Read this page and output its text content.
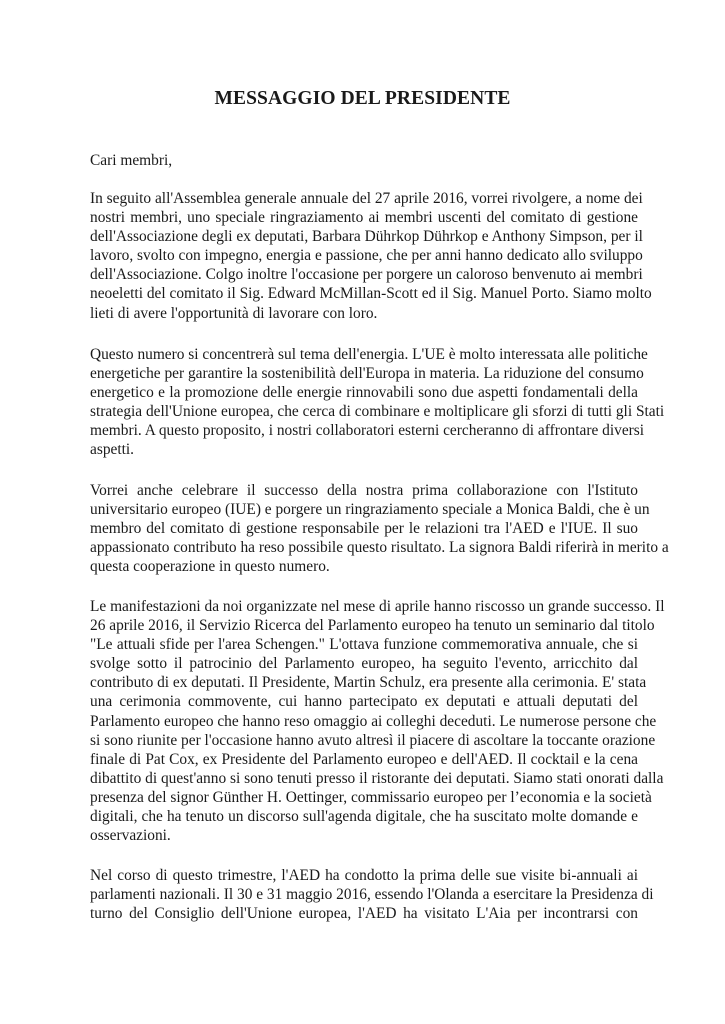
MESSAGGIO DEL PRESIDENTE

Cari membri,

In seguito all'Assemblea generale annuale del 27 aprile 2016, vorrei rivolgere, a nome dei
nostri membri, uno speciale ringraziamento ai membri uscenti del comitato di gestione
dell'Associazione degli ex deputati, Barbara Dührkop Dührkop e Anthony Simpson, per il
lavoro, svolto con impegno, energia e passione, che per anni hanno dedicato allo sviluppo
dell'Associazione. Colgo inoltre l'occasione per porgere un caloroso benvenuto ai membri
neoeletti del comitato il Sig. Edward McMillan-Scott ed il Sig. Manuel Porto. Siamo molto
lieti di avere l'opportunità di lavorare con loro.
Questo numero si concentrerà sul tema dell'energia. L'UE è molto interessata alle politiche
energetiche per garantire la sostenibilità dell'Europa in materia. La riduzione del consumo
energetico e la promozione delle energie rinnovabili sono due aspetti fondamentali della
strategia dell'Unione europea, che cerca di combinare e moltiplicare gli sforzi di tutti gli Stati
membri. A questo proposito, i nostri collaboratori esterni cercheranno di affrontare diversi
aspetti.
Vorrei anche celebrare il successo della nostra prima collaborazione con l'Istituto
universitario europeo (IUE) e porgere un ringraziamento speciale a Monica Baldi, che è un
membro del comitato di gestione responsabile per le relazioni tra l'AED e l'IUE. Il suo
appassionato contributo ha reso possibile questo risultato. La signora Baldi riferirà in merito a
questa cooperazione in questo numero.
Le manifestazioni da noi organizzate nel mese di aprile hanno riscosso un grande successo. Il
26 aprile 2016, il Servizio Ricerca del Parlamento europeo ha tenuto un seminario dal titolo
"Le attuali sfide per l'area Schengen." L'ottava funzione commemorativa annuale, che si
svolge sotto il patrocinio del Parlamento europeo, ha seguito l'evento, arricchito dal
contributo di ex deputati. Il Presidente, Martin Schulz, era presente alla cerimonia. E' stata
una cerimonia commovente, cui hanno partecipato ex deputati e attuali deputati del
Parlamento europeo che hanno reso omaggio ai colleghi deceduti. Le numerose persone che
si sono riunite per l'occasione hanno avuto altresì il piacere di ascoltare la toccante orazione
finale di Pat Cox, ex Presidente del Parlamento europeo e dell'AED. Il cocktail e la cena
dibattito di quest'anno si sono tenuti presso il ristorante dei deputati. Siamo stati onorati dalla
presenza del signor Günther H. Oettinger, commissario europeo per l’economia e la società
digitali, che ha tenuto un discorso sull'agenda digitale, che ha suscitato molte domande e
osservazioni.
Nel corso di questo trimestre, l'AED ha condotto la prima delle sue visite bi-annuali ai
parlamenti nazionali. Il 30 e 31 maggio 2016, essendo l'Olanda a esercitare la Presidenza di
turno del Consiglio dell'Unione europea, l'AED ha visitato L'Aia per incontrarsi con
